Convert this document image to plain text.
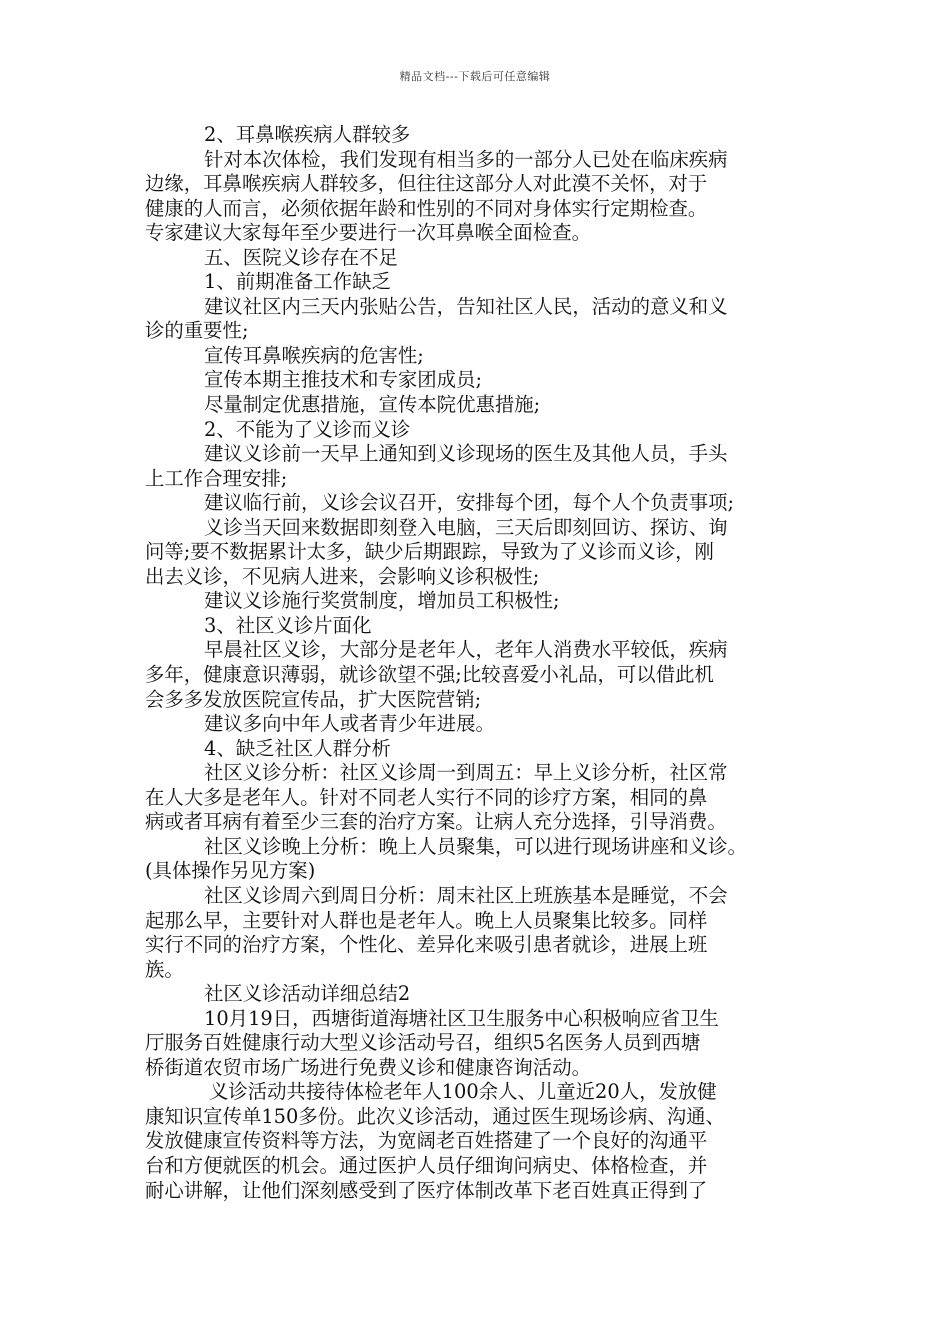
精品文档---下载后可任意编辑
2、耳鼻喉疾病人群较多
针对本次体检，我们发现有相当多的一部分人已处在临床疾病
边缘，耳鼻喉疾病人群较多，但往往这部分人对此漠不关怀，对于
健康的人而言，必须依据年龄和性别的不同对身体实行定期检查。
专家建议大家每年至少要进行一次耳鼻喉全面检查。
五、医院义诊存在不足
1、前期准备工作缺乏
建议社区内三天内张贴公告，告知社区人民，活动的意义和义
诊的重要性;
宣传耳鼻喉疾病的危害性;
宣传本期主推技术和专家团成员;
尽量制定优惠措施，宣传本院优惠措施;
2、不能为了义诊而义诊
建议义诊前一天早上通知到义诊现场的医生及其他人员，手头
上工作合理安排;
建议临行前，义诊会议召开，安排每个团，每个人个负责事项;
义诊当天回来数据即刻登入电脑，三天后即刻回访、探访、询
问等;要不数据累计太多，缺少后期跟踪，导致为了义诊而义诊，刚
出去义诊，不见病人进来，会影响义诊积极性;
建议义诊施行奖赏制度，增加员工积极性;
3、社区义诊片面化
早晨社区义诊，大部分是老年人，老年人消费水平较低，疾病
多年，健康意识薄弱，就诊欲望不强;比较喜爱小礼品，可以借此机
会多多发放医院宣传品，扩大医院营销;
建议多向中年人或者青少年进展。
4、缺乏社区人群分析
社区义诊分析：社区义诊周一到周五：早上义诊分析，社区常
在人大多是老年人。针对不同老人实行不同的诊疗方案，相同的鼻
病或者耳病有着至少三套的治疗方案。让病人充分选择，引导消费。
社区义诊晚上分析：晚上人员聚集，可以进行现场讲座和义诊。
(具体操作另见方案)
社区义诊周六到周日分析：周末社区上班族基本是睡觉，不会
起那么早，主要针对人群也是老年人。晚上人员聚集比较多。同样
实行不同的治疗方案，个性化、差异化来吸引患者就诊，进展上班
族。
社区义诊活动详细总结2
10月19日，西塘街道海塘社区卫生服务中心积极响应省卫生
厅服务百姓健康行动大型义诊活动号召，组织5名医务人员到西塘
桥街道农贸市场广场进行免费义诊和健康咨询活动。
义诊活动共接待体检老年人100余人、儿童近20人，发放健
康知识宣传单150多份。此次义诊活动，通过医生现场诊病、沟通、
发放健康宣传资料等方法，为宽阔老百姓搭建了一个良好的沟通平
台和方便就医的机会。通过医护人员仔细询问病史、体格检查，并
耐心讲解，让他们深刻感受到了医疗体制改革下老百姓真正得到了
